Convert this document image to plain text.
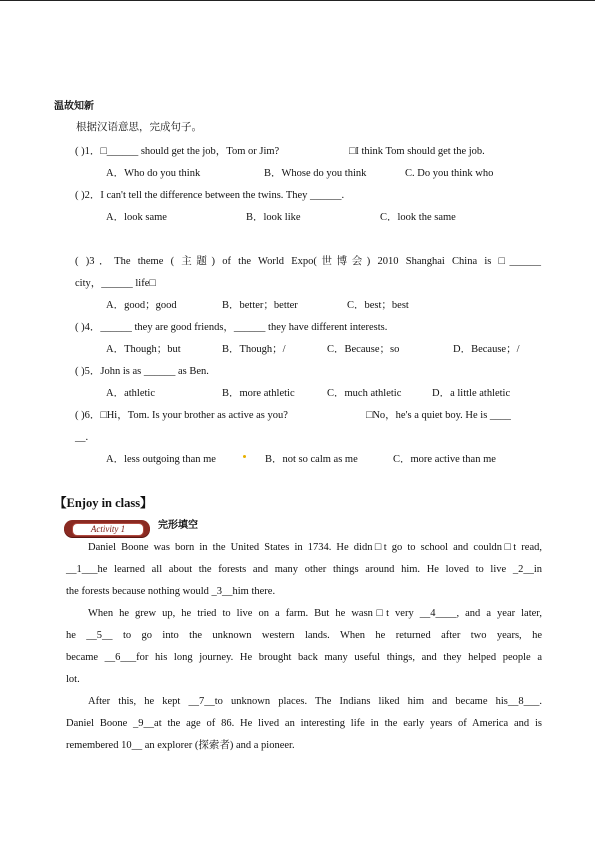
温故知新
根据汉语意思，完成句子。
( )1．□______ should get the job，Tom or Jim?	□I think Tom should get the job.
A．Who do you think	B．Whose do you think	C. Do you think who
( )2．I can't tell the difference between the twins. They ______.
A．look same	B．look like	C．look the same
( )3．The theme ( 主题) of the World Expo(世博会) 2010 Shanghai China is □______
city，______ life□
A．good；good	B．better；better	C．best；best
( )4．______ they are good friends，______ they have different interests.
A．Though；but	B．Though；/	C．Because；so	D．Because；/
( )5．John is as ______ as Ben.
A．athletic	B．more athletic	C．much athletic	D．a little athletic
( )6．□Hi，Tom. Is your brother as active as you?	□No，he's a quiet boy. He is ____
__.
A．less outgoing than me	B．not so calm as me	C．more active than me
【Enjoy in class】
Activity 1	完形填空
Daniel Boone was born in the United States in 1734. He didn□t go to school and couldn□t read,
__1___he learned all about the forests and many other things around him. He loved to live _2__in
the forests because nothing would _3__him there.
When he grew up, he tried to live on a farm. But he wasn□t very __4____, and a year later,
he __5__ to go into the unknown western lands. When he returned after two years, he
became __6___for his long journey. He brought back many useful things, and they helped people a
lot.
After this, he kept __7__to unknown places. The Indians liked him and became his__8___.
Daniel Boone _9__at the age of 86. He lived an interesting life in the early years of America and is
remembered 10__ an explorer (探索者) and a pioneer.
